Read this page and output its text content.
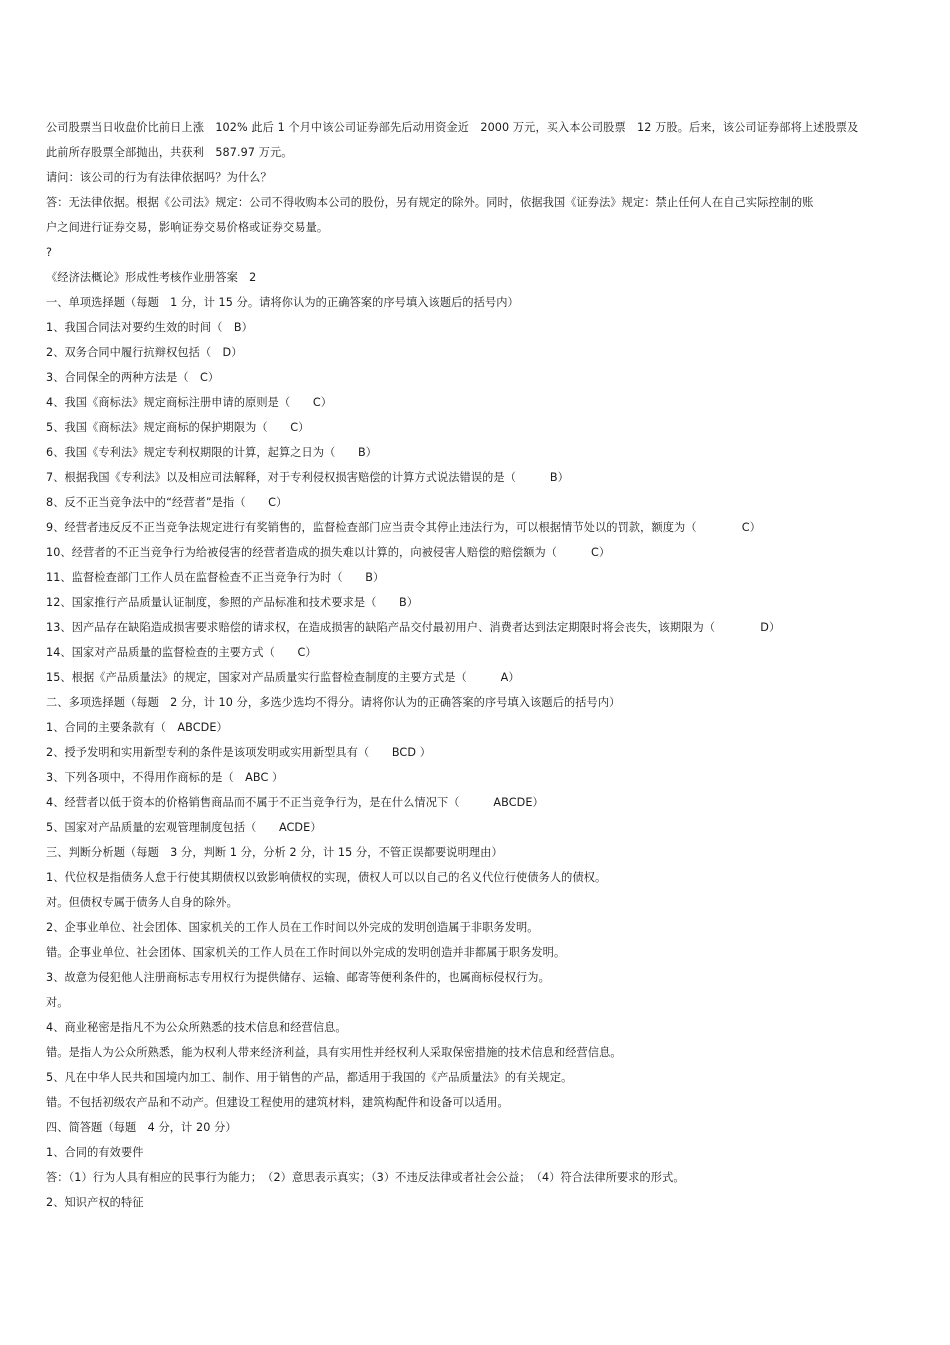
公司股票当日收盘价比前日上涨　102% 此后 1 个月中该公司证券部先后动用资金近　2000 万元，买入本公司股票　12 万股。后来，该公司证券部将上述股票及
此前所存股票全部抛出，共获利　587.97 万元。
请问：该公司的行为有法律依据吗？为什么？
答：无法律依据。根据《公司法》规定：公司不得收购本公司的股份，另有规定的除外。同时，依据我国《证券法》规定：禁止任何人在自己实际控制的账
户之间进行证券交易，影响证券交易价格或证券交易量。
?
《经济法概论》形成性考核作业册答案　2
一、单项选择题（每题　1 分，计 15 分。请将你认为的正确答案的序号填入该题后的括号内）
1、我国合同法对要约生效的时间（　B）
2、双务合同中履行抗辩权包括（　D）
3、合同保全的两种方法是（　C）
4、我国《商标法》规定商标注册申请的原则是（　　C）
5、我国《商标法》规定商标的保护期限为（　　C）
6、我国《专利法》规定专利权期限的计算，起算之日为（　　B）
7、根据我国《专利法》以及相应司法解释，对于专利侵权损害赔偿的计算方式说法错误的是（　　　B）
8、反不正当竞争法中的“经营者”是指（　　C）
9、经营者违反反不正当竞争法规定进行有奖销售的，监督检查部门应当责令其停止违法行为，可以根据情节处以的罚款，额度为（　　　　C）
10、经营者的不正当竞争行为给被侵害的经营者造成的损失难以计算的，向被侵害人赔偿的赔偿额为（　　　C）
11、监督检查部门工作人员在监督检查不正当竞争行为时（　　B）
12、国家推行产品质量认证制度，参照的产品标准和技术要求是（　　B）
13、因产品存在缺陷造成损害要求赔偿的请求权，在造成损害的缺陷产品交付最初用户、消费者达到法定期限时将会丧失，该期限为（　　　　D）
14、国家对产品质量的监督检查的主要方式（　　C）
15、根据《产品质量法》的规定，国家对产品质量实行监督检查制度的主要方式是（　　　A）
二、多项选择题（每题　2 分，计 10 分，多选少选均不得分。请将你认为的正确答案的序号填入该题后的括号内）
1、合同的主要条款有（　ABCDE）
2、授予发明和实用新型专利的条件是该项发明或实用新型具有（　　BCD ）
3、下列各项中，不得用作商标的是（　ABC ）
4、经营者以低于资本的价格销售商品而不属于不正当竞争行为，是在什么情况下（　　　ABCDE）
5、国家对产品质量的宏观管理制度包括（　　ACDE）
三、判断分析题（每题　3 分，判断 1 分，分析 2 分，计 15 分，不管正误都要说明理由）
1、代位权是指债务人怠于行使其期债权以致影响债权的实现，债权人可以以自己的名义代位行使债务人的债权。
对。但债权专属于债务人自身的除外。
2、企事业单位、社会团体、国家机关的工作人员在工作时间以外完成的发明创造属于非职务发明。
错。企事业单位、社会团体、国家机关的工作人员在工作时间以外完成的发明创造并非都属于职务发明。
3、故意为侵犯他人注册商标志专用权行为提供储存、运输、邮寄等便利条件的，也属商标侵权行为。
对。
4、商业秘密是指凡不为公众所熟悉的技术信息和经营信息。
错。是指人为公众所熟悉，能为权利人带来经济利益，具有实用性并经权利人采取保密措施的技术信息和经营信息。
5、凡在中华人民共和国境内加工、制作、用于销售的产品，都适用于我国的《产品质量法》的有关规定。
错。不包括初级农产品和不动产。但建设工程使用的建筑材料，建筑构配件和设备可以适用。
四、简答题（每题　4 分，计 20 分）
1、合同的有效要件
答：（1）行为人具有相应的民事行为能力；　（2）意思表示真实；（3）不违反法律或者社会公益；　（4）符合法律所要求的形式。
2、知识产权的特征
